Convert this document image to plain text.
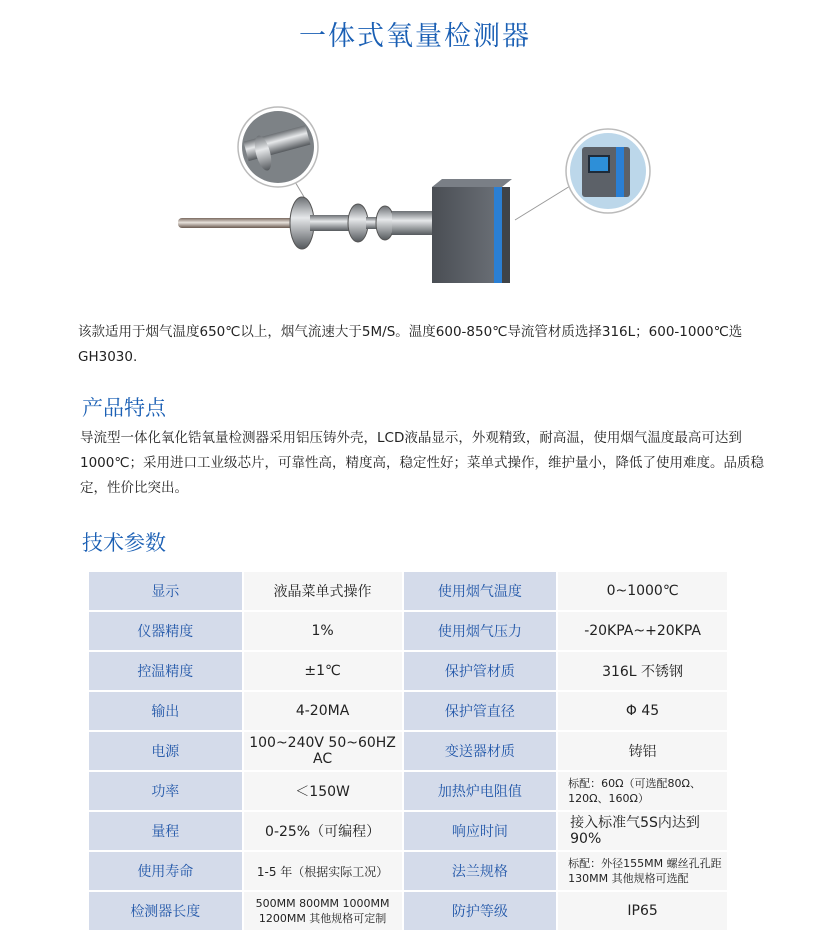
一体式氧量检测器
该款适用于烟气温度650℃以上，烟气流速大于5M/S。温度600-850℃导流管材质选择316L；600-1000℃选GH3030.
产品特点
导流型一体化氧化锆氧量检测器采用铝压铸外壳，LCD液晶显示，外观精致，耐高温，使用烟气温度最高可达到1000℃；采用进口工业级芯片，可靠性高，精度高，稳定性好；菜单式操作，维护量小，降低了使用难度。品质稳定，性价比突出。
技术参数
显示	液晶菜单式操作	使用烟气温度	0~1000℃
仪器精度	1%	使用烟气压力	-20KPA~+20KPA
控温精度	±1℃	保护管材质	316L 不锈钢
输出	4-20MA	保护管直径	Φ 45
电源	100~240V 50~60HZ AC	变送器材质	铸铝
功率	＜150W	加热炉电阻值	标配：60Ω（可选配80Ω、120Ω、160Ω）
量程	0-25%（可编程）	响应时间	接入标准气5S内达到90%
使用寿命	1-5 年（根据实际工况）	法兰规格	标配：外径155MM 螺丝孔孔距130MM 其他规格可选配
检测器长度	500MM 800MM 1000MM 1200MM 其他规格可定制	防护等级	IP65
